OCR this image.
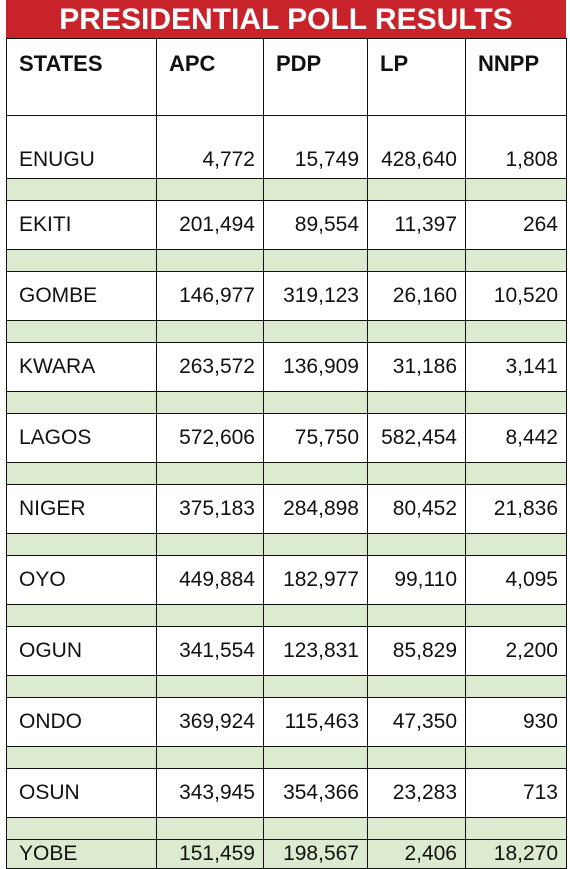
PRESIDENTIAL POLL RESULTS
STATES	APC	PDP	LP	NNPP
ENUGU	4,772	15,749	428,640	1,808

EKITI	201,494	89,554	11,397	264

GOMBE	146,977	319,123	26,160	10,520

KWARA	263,572	136,909	31,186	3,141

LAGOS	572,606	75,750	582,454	8,442

NIGER	375,183	284,898	80,452	21,836

OYO	449,884	182,977	99,110	4,095

OGUN	341,554	123,831	85,829	2,200

ONDO	369,924	115,463	47,350	930

OSUN	343,945	354,366	23,283	713

YOBE	151,459	198,567	2,406	18,270
